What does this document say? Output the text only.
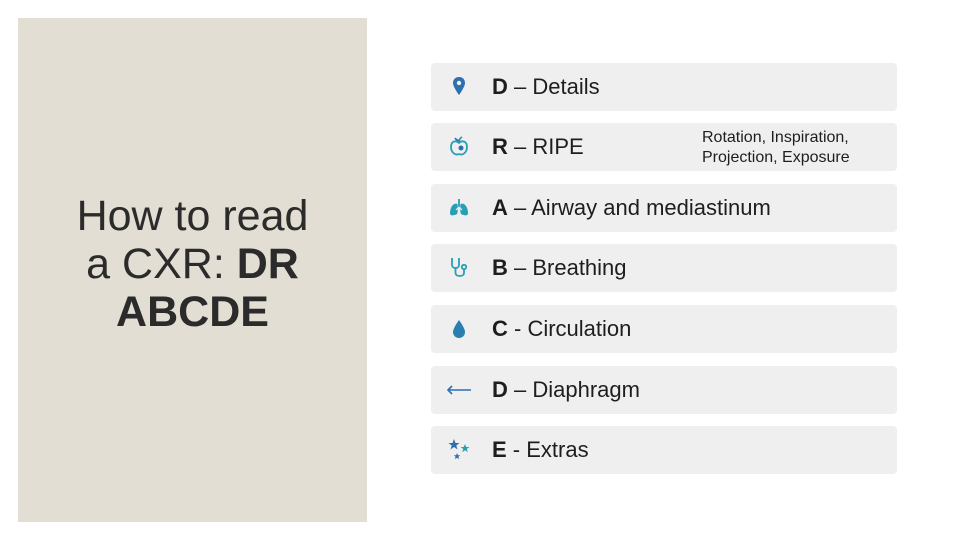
How to read
a CXR: DR
ABCDE
D – Details
R – RIPE	Rotation, Inspiration,
Projection, Exposure
A – Airway and mediastinum
B – Breathing
C - Circulation
D – Diaphragm
E - Extras
